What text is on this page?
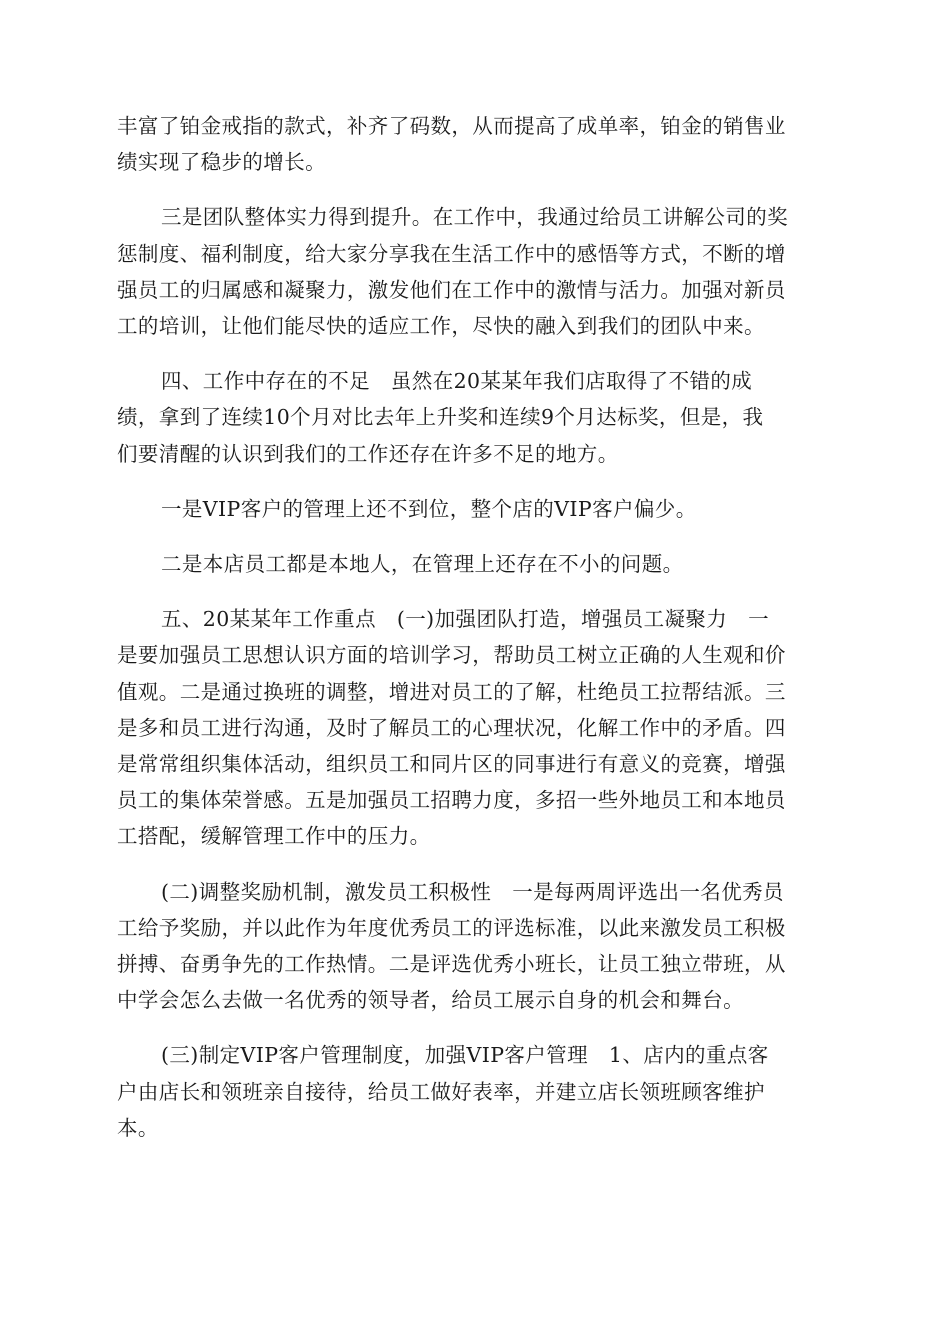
丰富了铂金戒指的款式，补齐了码数，从而提高了成单率，铂金的销售业
绩实现了稳步的增长。

三是团队整体实力得到提升。在工作中，我通过给员工讲解公司的奖
惩制度、福利制度，给大家分享我在生活工作中的感悟等方式，不断的增
强员工的归属感和凝聚力，激发他们在工作中的激情与活力。加强对新员
工的培训，让他们能尽快的适应工作，尽快的融入到我们的团队中来。

四、工作中存在的不足　虽然在20某某年我们店取得了不错的成
绩，拿到了连续10个月对比去年上升奖和连续9个月达标奖，但是，我
们要清醒的认识到我们的工作还存在许多不足的地方。

一是VIP客户的管理上还不到位，整个店的VIP客户偏少。

二是本店员工都是本地人，在管理上还存在不小的问题。

五、20某某年工作重点　(一)加强团队打造，增强员工凝聚力　一
是要加强员工思想认识方面的培训学习，帮助员工树立正确的人生观和价
值观。二是通过换班的调整，增进对员工的了解，杜绝员工拉帮结派。三
是多和员工进行沟通，及时了解员工的心理状况，化解工作中的矛盾。四
是常常组织集体活动，组织员工和同片区的同事进行有意义的竞赛，增强
员工的集体荣誉感。五是加强员工招聘力度，多招一些外地员工和本地员
工搭配，缓解管理工作中的压力。

(二)调整奖励机制，激发员工积极性　一是每两周评选出一名优秀员
工给予奖励，并以此作为年度优秀员工的评选标准，以此来激发员工积极
拼搏、奋勇争先的工作热情。二是评选优秀小班长，让员工独立带班，从
中学会怎么去做一名优秀的领导者，给员工展示自身的机会和舞台。

(三)制定VIP客户管理制度，加强VIP客户管理　1、店内的重点客
户由店长和领班亲自接待，给员工做好表率，并建立店长领班顾客维护
本。
